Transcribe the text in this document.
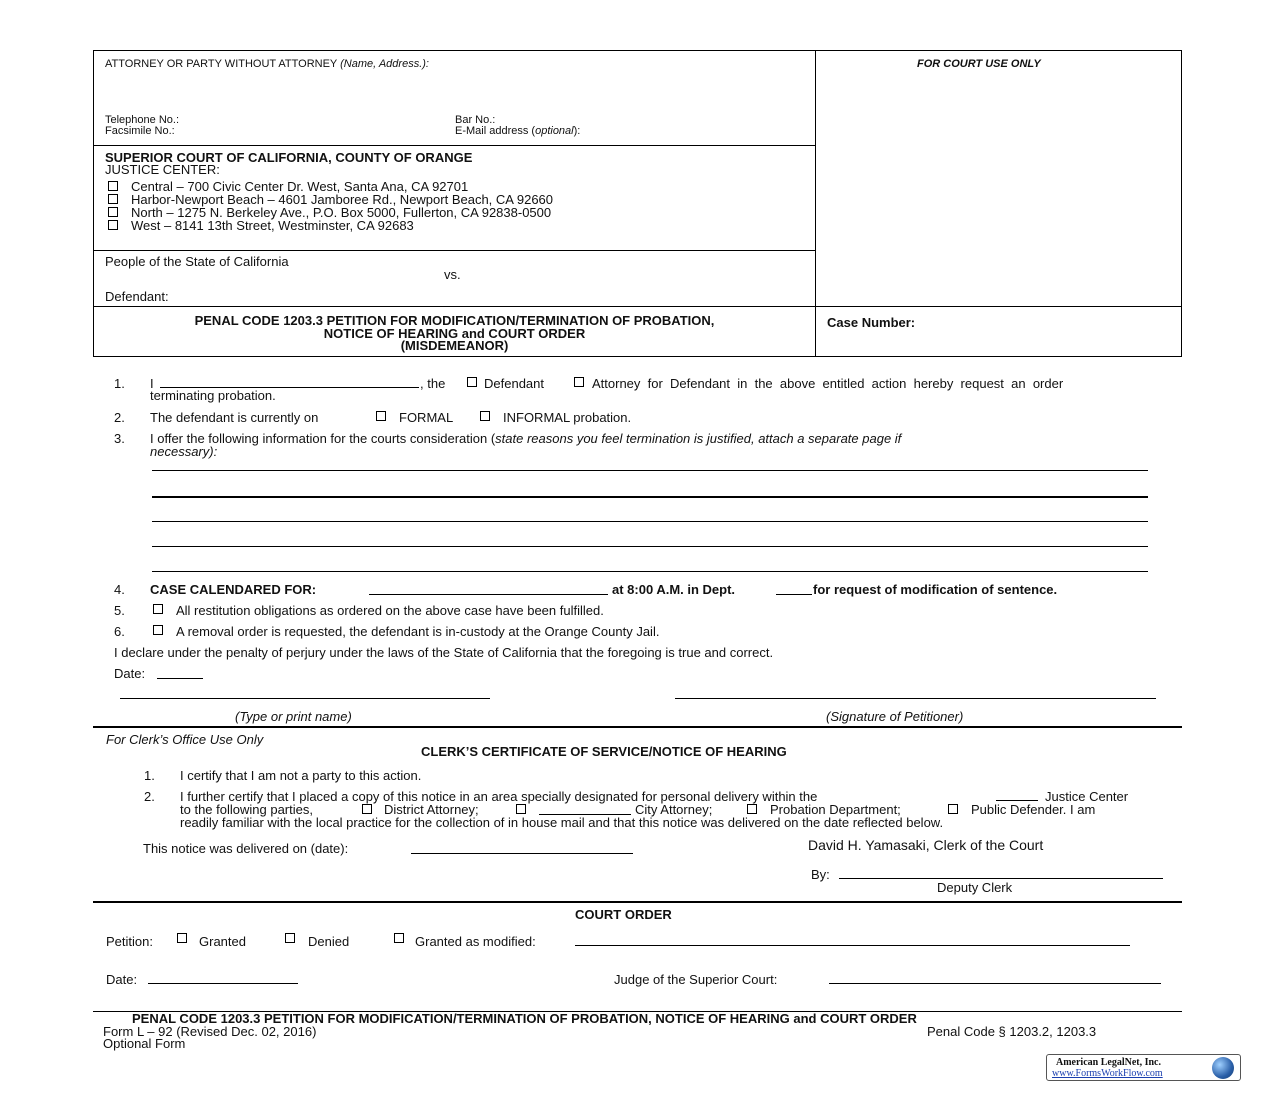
ATTORNEY OR PARTY WITHOUT ATTORNEY (Name, Address.):	FOR COURT USE ONLY
Telephone No.:
Facsimile No.:
Bar No.:
E-Mail address (optional):
SUPERIOR COURT OF CALIFORNIA, COUNTY OF ORANGE
JUSTICE CENTER:
Central – 700 Civic Center Dr. West, Santa Ana, CA 92701
Harbor-Newport Beach – 4601 Jamboree Rd., Newport Beach, CA 92660
North – 1275 N. Berkeley Ave., P.O. Box 5000, Fullerton, CA 92838-0500
West – 8141 13th Street, Westminster, CA 92683
People of the State of California
vs.
Defendant:
PENAL CODE 1203.3 PETITION FOR MODIFICATION/TERMINATION OF PROBATION,
NOTICE OF HEARING and COURT ORDER
(MISDEMEANOR)
Case Number:
1. I	, the	Defendant	Attorney  for  Defendant  in  the  above  entitled  action  hereby  request  an  order
terminating probation.
2. The defendant is currently on	FORMAL	INFORMAL probation.
3. I offer the following information for the courts consideration (state reasons you feel termination is justified, attach a separate page if
necessary):
4. CASE CALENDARED FOR:	at 8:00 A.M. in Dept.	for request of modification of sentence.
5.	All restitution obligations as ordered on the above case have been fulfilled.
6.	A removal order is requested, the defendant is in-custody at the Orange County Jail.
I declare under the penalty of perjury under the laws of the State of California that the foregoing is true and correct.
Date:
(Type or print name)	(Signature of Petitioner)
For Clerk’s Office Use Only
CLERK’S CERTIFICATE OF SERVICE/NOTICE OF HEARING
1. I certify that I am not a party to this action.
2. I further certify that I placed a copy of this notice in an area specially designated for personal delivery within the	Justice Center
to the following parties,	District Attorney;	City Attorney;	Probation Department;	Public Defender. I am
readily familiar with the local practice for the collection of in house mail and that this notice was delivered on the date reflected below.
This notice was delivered on (date):	David H. Yamasaki, Clerk of the Court
By:
Deputy Clerk
COURT ORDER
Petition:	Granted	Denied	Granted as modified:
Date:	Judge of the Superior Court:
PENAL CODE 1203.3 PETITION FOR MODIFICATION/TERMINATION OF PROBATION, NOTICE OF HEARING and COURT ORDER
Form L – 92 (Revised Dec. 02, 2016)
Optional Form
Penal Code § 1203.2, 1203.3
American LegalNet, Inc.
www.FormsWorkFlow.com
